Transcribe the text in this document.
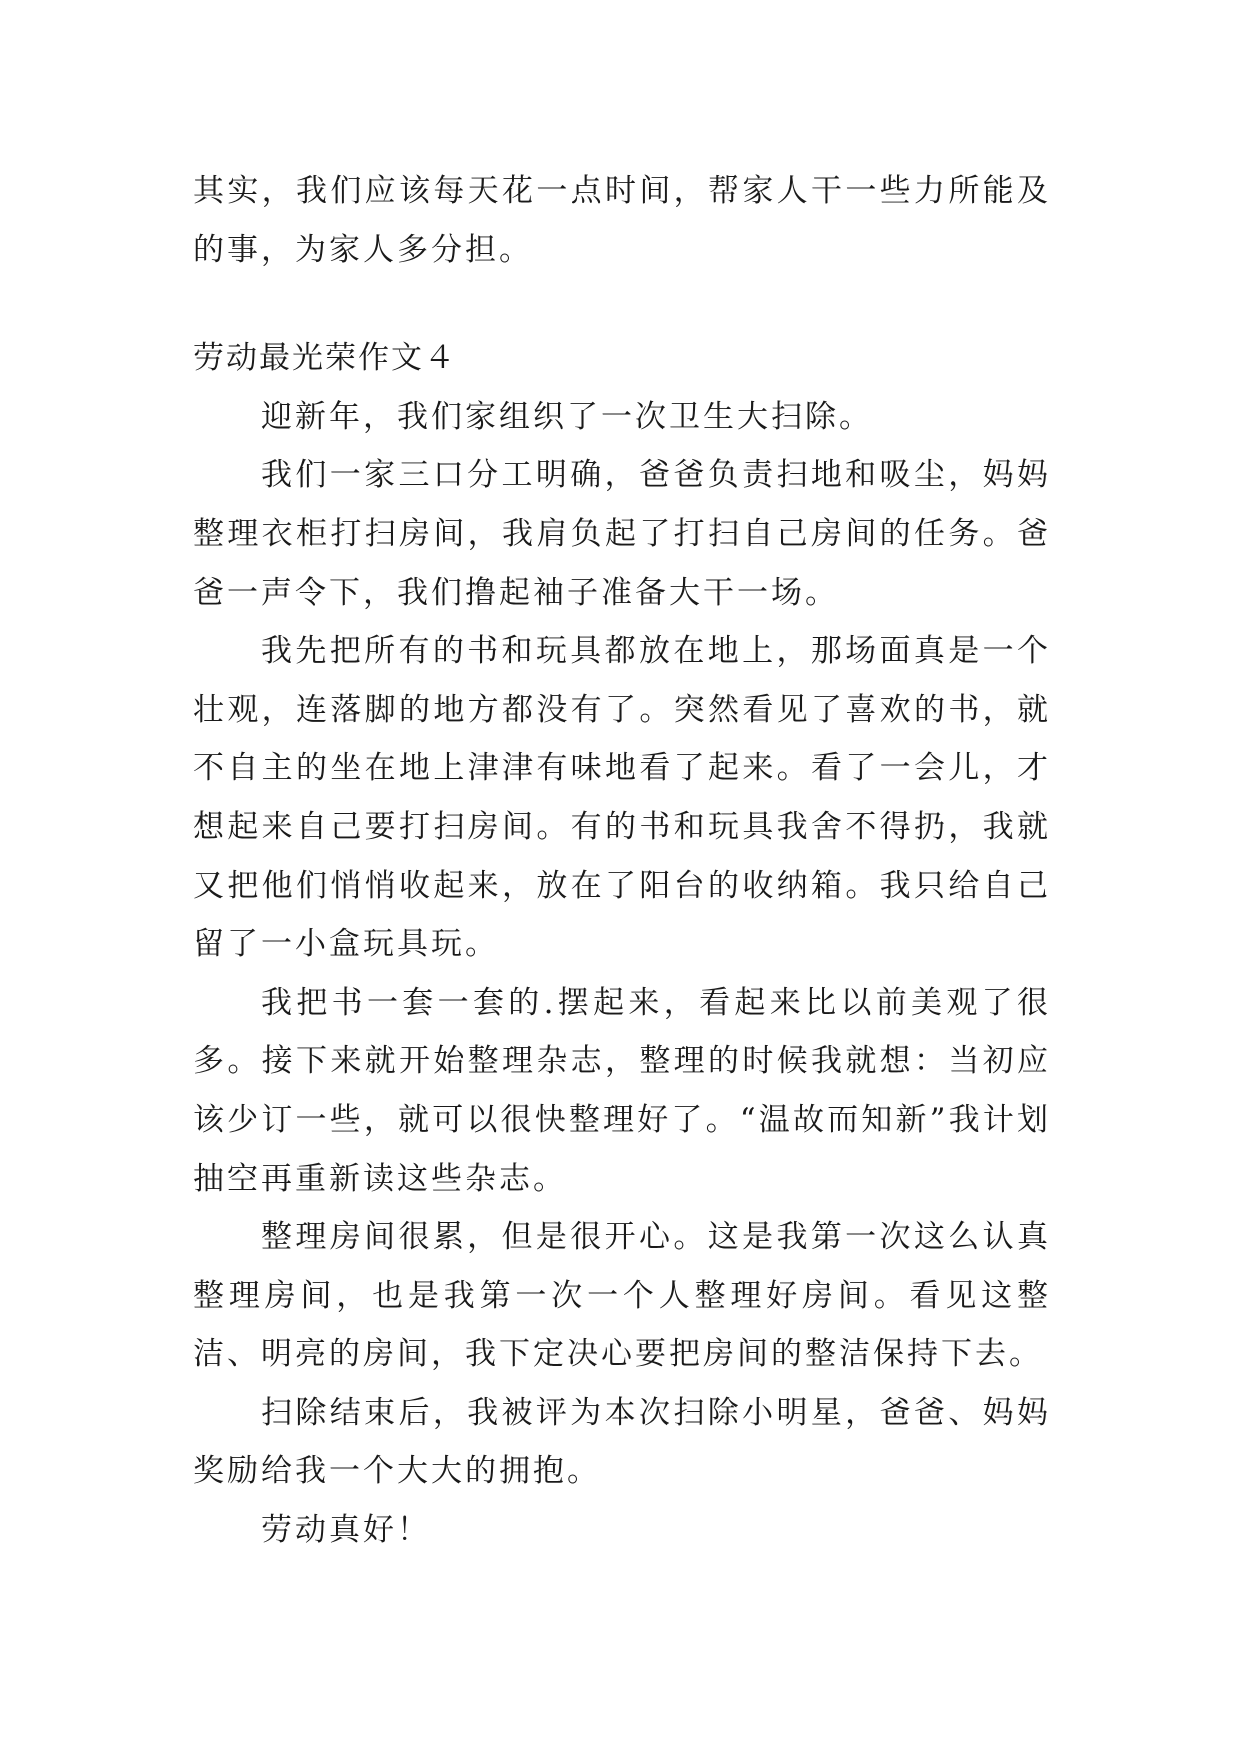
其实，我们应该每天花一点时间，帮家人干一些力所能及的事，为家人多分担。

劳动最光荣作文４

迎新年，我们家组织了一次卫生大扫除。

我们一家三口分工明确，爸爸负责扫地和吸尘，妈妈整理衣柜打扫房间，我肩负起了打扫自己房间的任务。爸爸一声令下，我们撸起袖子准备大干一场。

我先把所有的书和玩具都放在地上，那场面真是一个壮观，连落脚的地方都没有了。突然看见了喜欢的书，就不自主的坐在地上津津有味地看了起来。看了一会儿，才想起来自己要打扫房间。有的书和玩具我舍不得扔，我就又把他们悄悄收起来，放在了阳台的收纳箱。我只给自己留了一小盒玩具玩。

我把书一套一套的.摆起来，看起来比以前美观了很多。接下来就开始整理杂志，整理的时候我就想：当初应该少订一些，就可以很快整理好了。“温故而知新”我计划抽空再重新读这些杂志。

整理房间很累，但是很开心。这是我第一次这么认真整理房间，也是我第一次一个人整理好房间。看见这整洁、明亮的房间，我下定决心要把房间的整洁保持下去。

扫除结束后，我被评为本次扫除小明星，爸爸、妈妈奖励给我一个大大的拥抱。

劳动真好！
